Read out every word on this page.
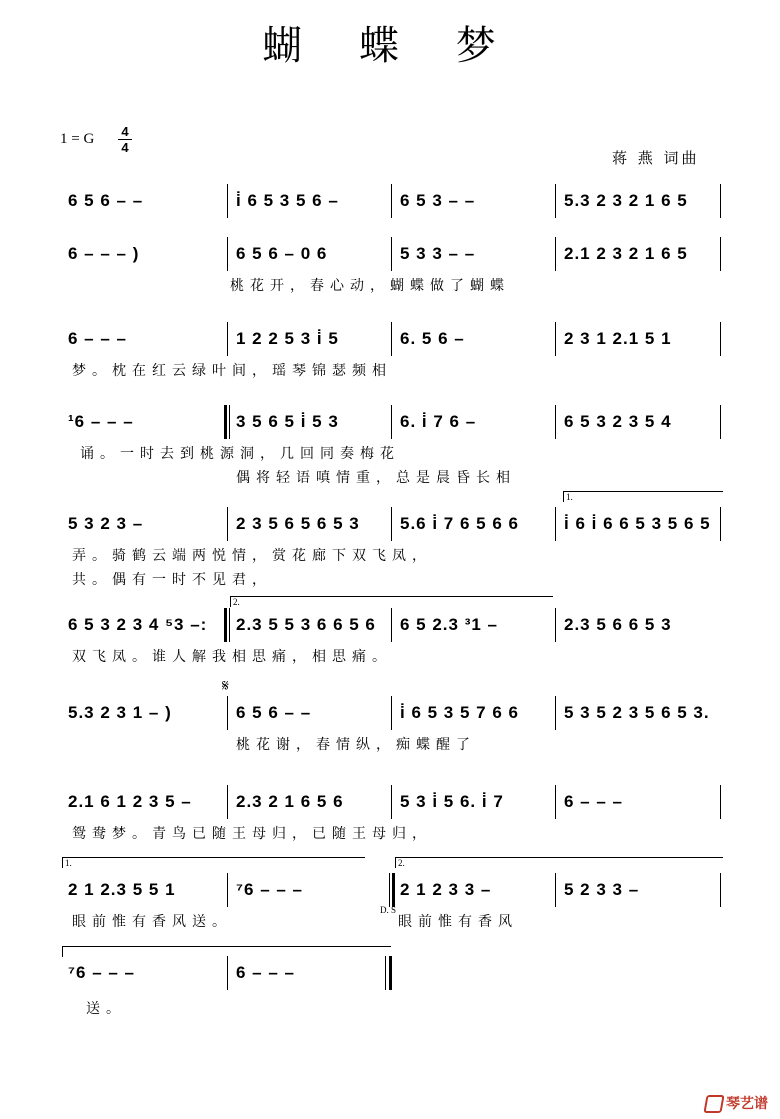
蝴 蝶 梦
1 = G 4
4
蒋 燕 词曲
6 5 6 – –	i̇ 6 5 3 5 6 –	6 5 3 – –	5.3 2 3 2 1 6 5
6 – – – )	6 5 6 – 0 6	5 3 3 – –	2.1 2 3 2 1 6 5
桃花开，春心动，蝴蝶做了蝴蝶
6 – – –	1 2 2 5 3 i̇ 5	6. 5 6 –	2 3 1 2.1 5 1
梦。枕在红云绿叶间，瑶琴锦瑟频相
¹6 – – –	3 5 6 5 i̇ 5 3	6. i̇ 7 6 –	6 5 3 2 3 5 4
诵。一时去到桃源洞，几回同奏梅花
偶将轻语嗔情重，总是晨昏长相
1.
5 3 2 3 –	2 3 5 6 5 6 5 3 5.6 i̇ 7 6 5 6 6	i̇ 6 i̇ 6 6 5 3 5 6 5
弄。骑鹤云端两悦情，赏花廊下双飞凤，
共。偶有一时不见君，
2.
6 5 3 2 3 4 ⁵3 –: 2.3 5 5 3 6 6 5 6 6 5 2.3 ³1 –	2.3 5 6 6 5 3
双飞凤。谁人解我相思痛，相思痛。
𝄋
5.3 2 3 1 – )	6 5 6 – –	i̇ 6 5 3 5 7 6 6	5 3 5 2 3 5 6 5 3.
桃花谢，春情纵，痴蝶醒了
2.1 6 1 2 3 5 –	2.3 2 1 6 5 6	5 3 i̇ 5 6. i̇ 7	6 – – –
鸳鸯梦。青鸟已随王母归，已随王母归，
1.	2.
2 1 2.3 5 5 1	⁷6 – – –	2 1 2 3 3 –	5 2 3 3 –
D. S
眼前惟有香风送。	眼前惟有香风
⁷6 – – –	6 – – –
送。
琴艺谱
